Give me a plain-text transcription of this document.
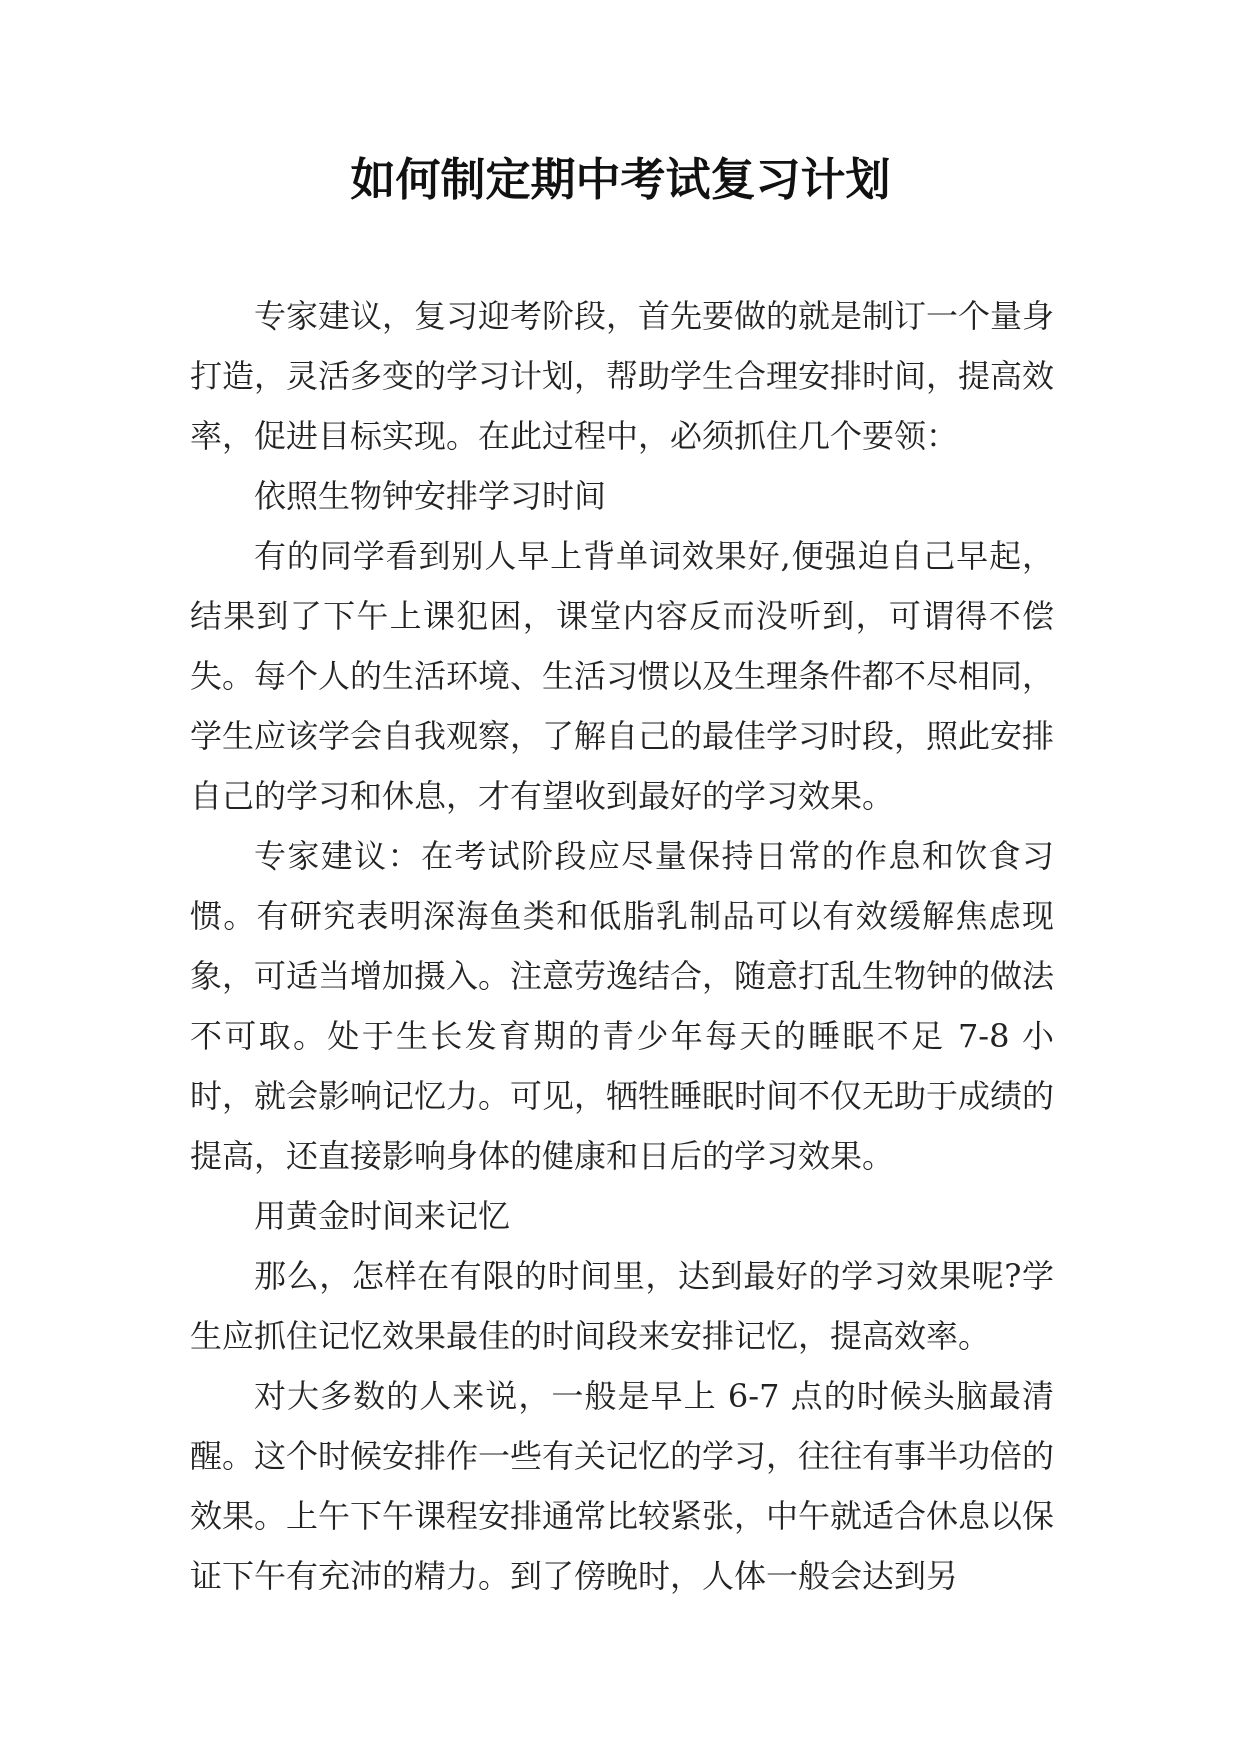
如何制定期中考试复习计划

专家建议，复习迎考阶段，首先要做的就是制订一个量身打造，灵活多变的学习计划，帮助学生合理安排时间，提高效率，促进目标实现。在此过程中，必须抓住几个要领：

依照生物钟安排学习时间

有的同学看到别人早上背单词效果好,便强迫自己早起，结果到了下午上课犯困，课堂内容反而没听到，可谓得不偿失。每个人的生活环境、生活习惯以及生理条件都不尽相同，学生应该学会自我观察，了解自己的最佳学习时段，照此安排自己的学习和休息，才有望收到最好的学习效果。

专家建议：在考试阶段应尽量保持日常的作息和饮食习惯。有研究表明深海鱼类和低脂乳制品可以有效缓解焦虑现象，可适当增加摄入。注意劳逸结合，随意打乱生物钟的做法不可取。处于生长发育期的青少年每天的睡眠不足 7-8 小时，就会影响记忆力。可见，牺牲睡眠时间不仅无助于成绩的提高，还直接影响身体的健康和日后的学习效果。

用黄金时间来记忆

那么，怎样在有限的时间里，达到最好的学习效果呢?学生应抓住记忆效果最佳的时间段来安排记忆，提高效率。

对大多数的人来说，一般是早上 6-7 点的时候头脑最清醒。这个时候安排作一些有关记忆的学习，往往有事半功倍的效果。上午下午课程安排通常比较紧张，中午就适合休息以保证下午有充沛的精力。到了傍晚时，人体一般会达到另
